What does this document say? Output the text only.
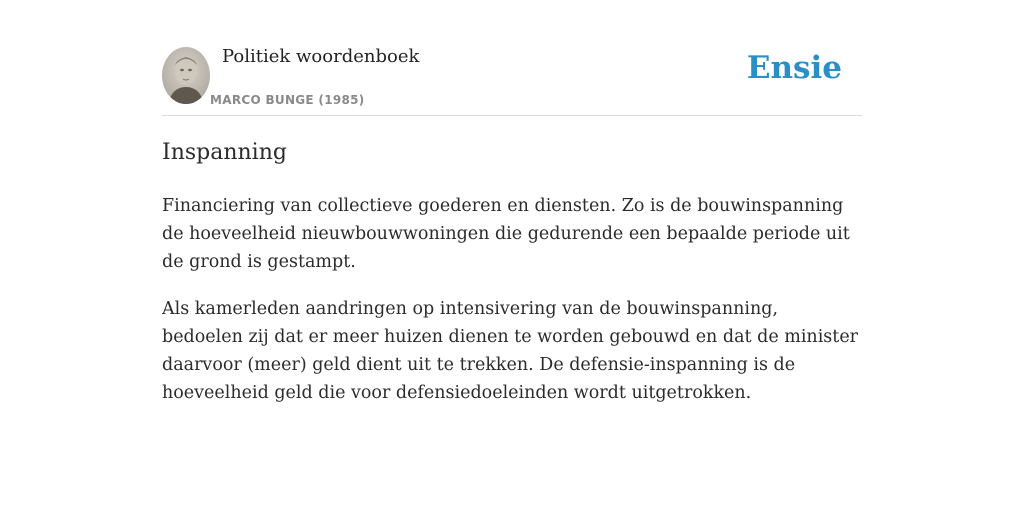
Politiek woordenboek
MARCO BUNGE (1985)
Ensie
Inspanning

Financiering van collectieve goederen en diensten. Zo is de bouwinspanning de hoeveelheid nieuwbouwwoningen die gedurende een bepaalde periode uit de grond is gestampt.

Als kamerleden aandringen op intensivering van de bouwinspanning, bedoelen zij dat er meer huizen dienen te worden gebouwd en dat de minister daarvoor (meer) geld dient uit te trekken. De defensie-inspanning is de hoeveelheid geld die voor defensiedoeleinden wordt uitgetrokken.
